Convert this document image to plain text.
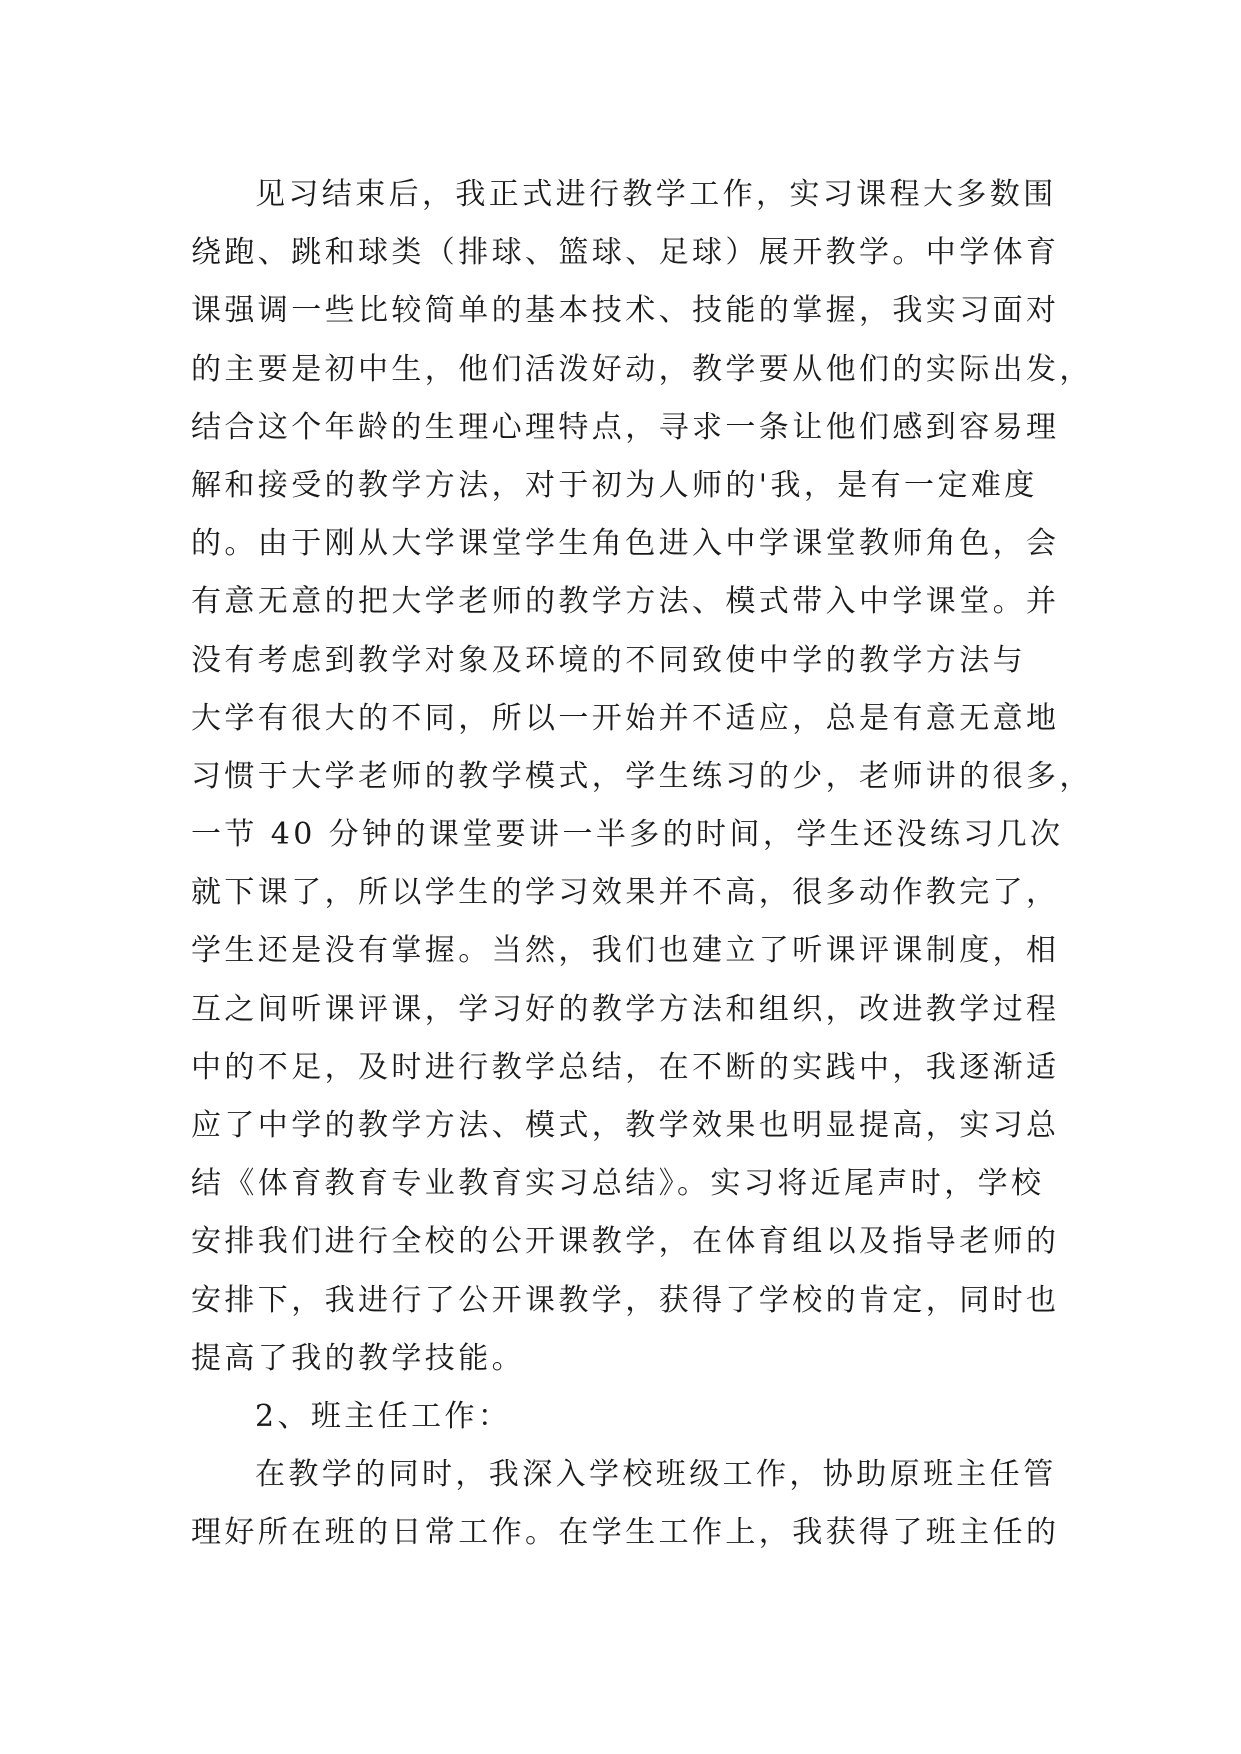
见习结束后，我正式进行教学工作，实习课程大多数围
绕跑、跳和球类（排球、篮球、足球）展开教学。中学体育
课强调一些比较简单的基本技术、技能的掌握，我实习面对
的主要是初中生，他们活泼好动，教学要从他们的实际出发，
结合这个年龄的生理心理特点，寻求一条让他们感到容易理
解和接受的教学方法，对于初为人师的'我，是有一定难度
的。由于刚从大学课堂学生角色进入中学课堂教师角色，会
有意无意的把大学老师的教学方法、模式带入中学课堂。并
没有考虑到教学对象及环境的不同致使中学的教学方法与
大学有很大的不同，所以一开始并不适应，总是有意无意地
习惯于大学老师的教学模式，学生练习的少，老师讲的很多，
一节 40 分钟的课堂要讲一半多的时间，学生还没练习几次
就下课了，所以学生的学习效果并不高，很多动作教完了，
学生还是没有掌握。当然，我们也建立了听课评课制度，相
互之间听课评课，学习好的教学方法和组织，改进教学过程
中的不足，及时进行教学总结，在不断的实践中，我逐渐适
应了中学的教学方法、模式，教学效果也明显提高，实习总
结《体育教育专业教育实习总结》。实习将近尾声时，学校
安排我们进行全校的公开课教学，在体育组以及指导老师的
安排下，我进行了公开课教学，获得了学校的肯定，同时也
提高了我的教学技能。
2、班主任工作：
在教学的同时，我深入学校班级工作，协助原班主任管
理好所在班的日常工作。在学生工作上，我获得了班主任的
